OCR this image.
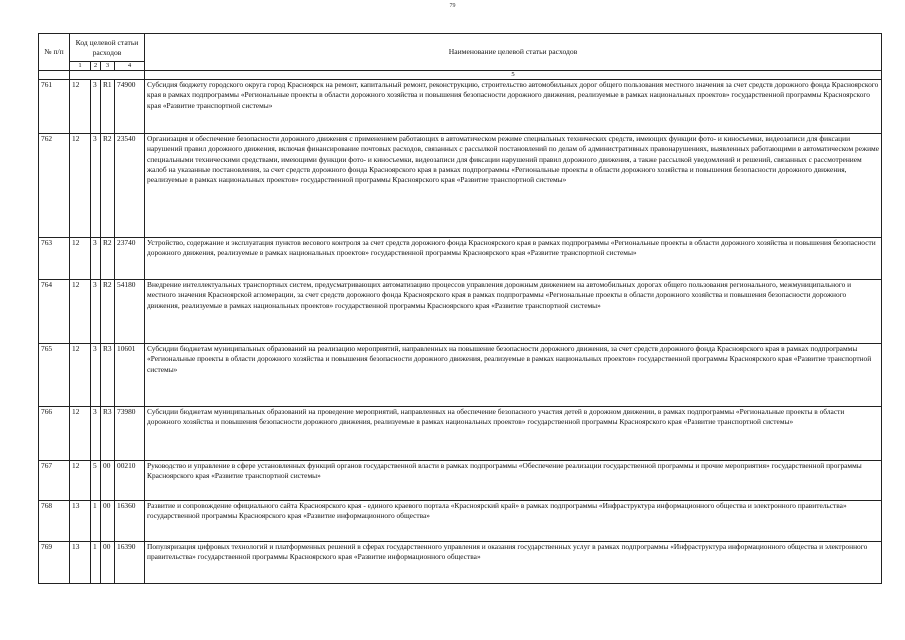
79
№ п/п	Код целевой статьи расходов				Наименование целевой статьи расходов
	1	2	3	4	
					5
761	12	3	R1	74900	Субсидия бюджету городского округа город Красноярск на ремонт, капитальный ремонт, реконструкцию, строительство автомобильных дорог общего пользования местного значения за счет средств дорожного фонда Красноярского края в рамках подпрограммы «Региональные проекты в области дорожного хозяйства и повышения безопасности дорожного движения, реализуемые в рамках национальных проектов» государственной программы Красноярского края «Развитие транспортной системы»
762	12	3	R2	23540	Организация и обеспечение безопасности дорожного движения с применением работающих в автоматическом режиме специальных технических средств, имеющих функции фото- и киносъемки, видеозаписи для фиксации нарушений правил дорожного движения, включая финансирование почтовых расходов, связанных с рассылкой постановлений по делам об административных правонарушениях, выявленных работающими в автоматическом режиме специальными техническими средствами, имеющими функции фото- и киносъемки, видеозаписи для фиксации нарушений правил дорожного движения, а также рассылкой уведомлений и решений, связанных с рассмотрением жалоб на указанные постановления, за счет средств дорожного фонда Красноярского края в рамках подпрограммы «Региональные проекты в области дорожного хозяйства и повышения безопасности дорожного движения, реализуемые в рамках национальных проектов» государственной программы Красноярского края «Развитие транспортной системы»
763	12	3	R2	23740	Устройство, содержание и эксплуатация пунктов весового контроля за счет средств дорожного фонда Красноярского края в рамках подпрограммы «Региональные проекты в области дорожного хозяйства и повышения безопасности дорожного движения, реализуемые в рамках национальных проектов» государственной программы Красноярского края «Развитие транспортной системы»
764	12	3	R2	54180	Внедрение интеллектуальных транспортных систем, предусматривающих автоматизацию процессов управления дорожным движением на автомобильных дорогах общего пользования регионального, межмуниципального и местного значения Красноярской агломерации, за счет средств дорожного фонда Красноярского края в рамках подпрограммы «Региональные проекты в области дорожного хозяйства и повышения безопасности дорожного движения, реализуемые в рамках национальных проектов» государственной программы Красноярского края «Развитие транспортной системы»
765	12	3	R3	10601	Субсидии бюджетам муниципальных образований на реализацию мероприятий, направленных на повышение безопасности дорожного движения, за счет средств дорожного фонда Красноярского края в рамках подпрограммы «Региональные проекты в области дорожного хозяйства и повышения безопасности дорожного движения, реализуемые в рамках национальных проектов» государственной программы Красноярского края «Развитие транспортной системы»
766	12	3	R3	73980	Субсидии бюджетам муниципальных образований на проведение мероприятий, направленных на обеспечение безопасного участия детей в дорожном движении, в рамках подпрограммы «Региональные проекты в области дорожного хозяйства и повышения безопасности дорожного движения, реализуемые в рамках национальных проектов» государственной программы Красноярского края «Развитие транспортной системы»
767	12	5	00	00210	Руководство и управление в сфере установленных функций органов государственной власти в рамках подпрограммы «Обеспечение реализации государственной программы и прочие мероприятия» государственной программы Красноярского края «Развитие транспортной системы»
768	13	1	00	16360	Развитие и сопровождение официального сайта Красноярского края - единого краевого портала «Красноярский край» в рамках подпрограммы «Инфраструктура информационного общества и электронного правительства» государственной программы Красноярского края «Развитие информационного общества»
769	13	1	00	16390	Популяризация цифровых технологий и платформенных решений в сферах государственного управления и оказания государственных услуг в рамках подпрограммы «Инфраструктура информационного общества и электронного правительства» государственной программы Красноярского края «Развитие информационного общества»
